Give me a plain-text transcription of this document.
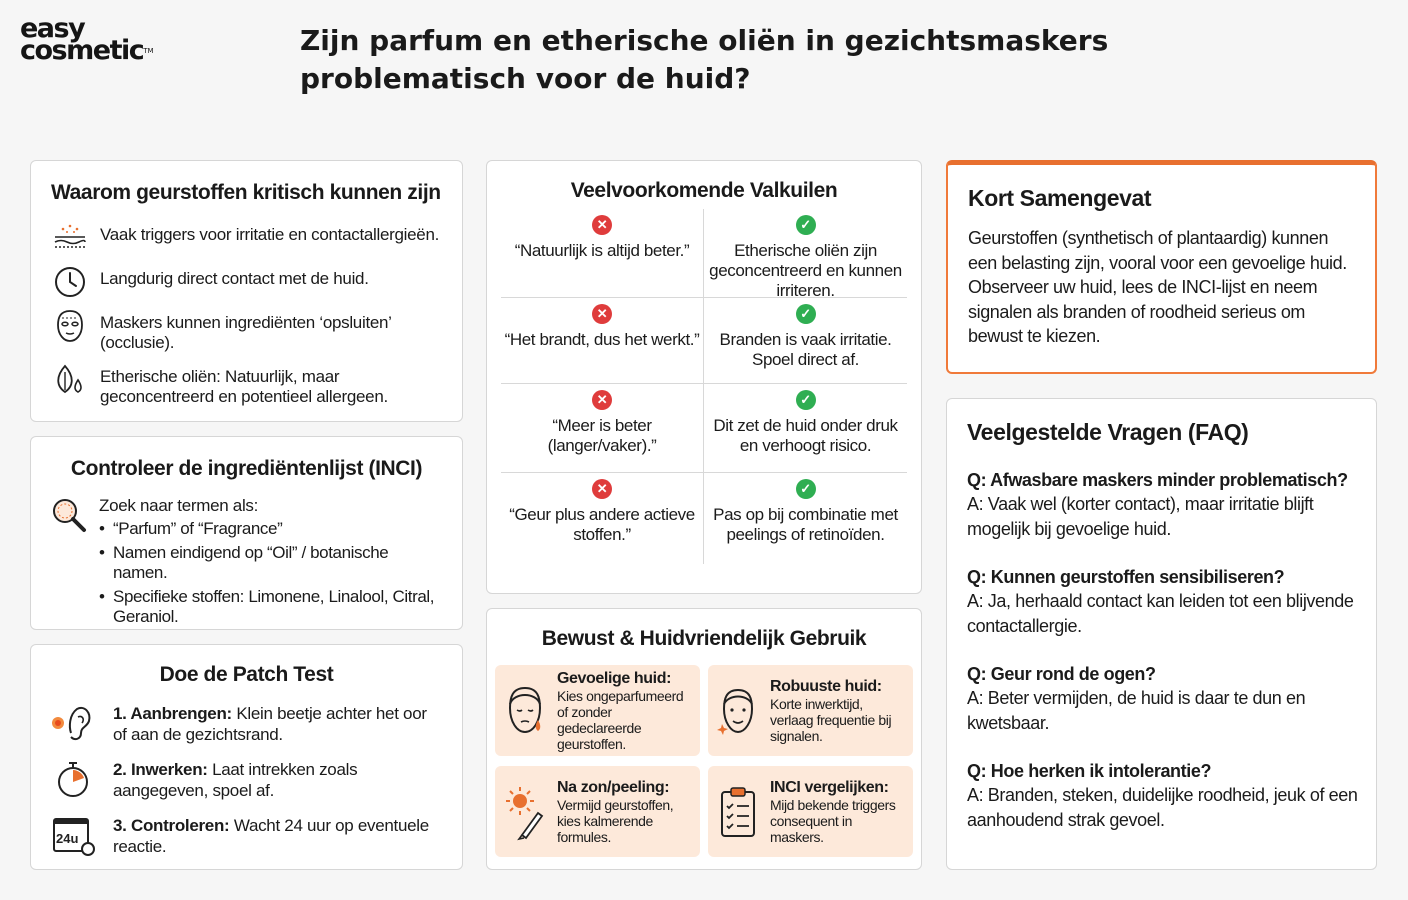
easy
cosmetic™	Zijn parfum en etherische oliën in gezichtsmaskers problematisch voor de huid?
Waarom geurstoffen kritisch kunnen zijn
Vaak triggers voor irritatie en contactallergieën.
Langdurig direct contact met de huid.
Maskers kunnen ingrediënten ‘opsluiten’ (occlusie).
Etherische oliën: Natuurlijk, maar geconcentreerd en potentieel allergeen.
Controleer de ingrediëntenlijst (INCI)
Zoek naar termen als:
• “Parfum” of “Fragrance”
• Namen eindigend op “Oil” / botanische namen.
• Specifieke stoffen: Limonene, Linalool, Citral, Geraniol.
Doe de Patch Test
1. Aanbrengen: Klein beetje achter het oor of aan de gezichtsrand.
2. Inwerken: Laat intrekken zoals aangegeven, spoel af.
24u
3. Controleren: Wacht 24 uur op eventuele reactie.
Veelvoorkomende Valkuilen
✕
“Natuurlijk is altijd beter.”
✓
Etherische oliën zijn geconcentreerd en kunnen irriteren.
✕
“Het brandt, dus het werkt.”
✓
Branden is vaak irritatie. Spoel direct af.
✕
“Meer is beter (langer/vaker).”
✓
Dit zet de huid onder druk en verhoogt risico.
✕
“Geur plus andere actieve stoffen.”
✓
Pas op bij combinatie met peelings of retinoïden.
Bewust & Huidvriendelijk Gebruik
Gevoelige huid:
Kies ongeparfumeerd of zonder gedeclareerde geurstoffen.
Robuuste huid:
Korte inwerktijd, verlaag frequentie bij signalen.
Na zon/peeling:
Vermijd geurstoffen, kies kalmerende formules.
INCI vergelijken:
Mijd bekende triggers consequent in maskers.
Kort Samengevat

Geurstoffen (synthetisch of plantaardig) kunnen een belasting zijn, vooral voor een gevoelige huid. Observeer uw huid, lees de INCI-lijst en neem signalen als branden of roodheid serieus om bewust te kiezen.

Veelgestelde Vragen (FAQ)
Q: Afwasbare maskers minder problematisch?
A: Vaak wel (korter contact), maar irritatie blijft mogelijk bij gevoelige huid.
Q: Kunnen geurstoffen sensibiliseren?
A: Ja, herhaald contact kan leiden tot een blijvende contactallergie.
Q: Geur rond de ogen?
A: Beter vermijden, de huid is daar te dun en kwetsbaar.
Q: Hoe herken ik intolerantie?
A: Branden, steken, duidelijke roodheid, jeuk of een aanhoudend strak gevoel.
